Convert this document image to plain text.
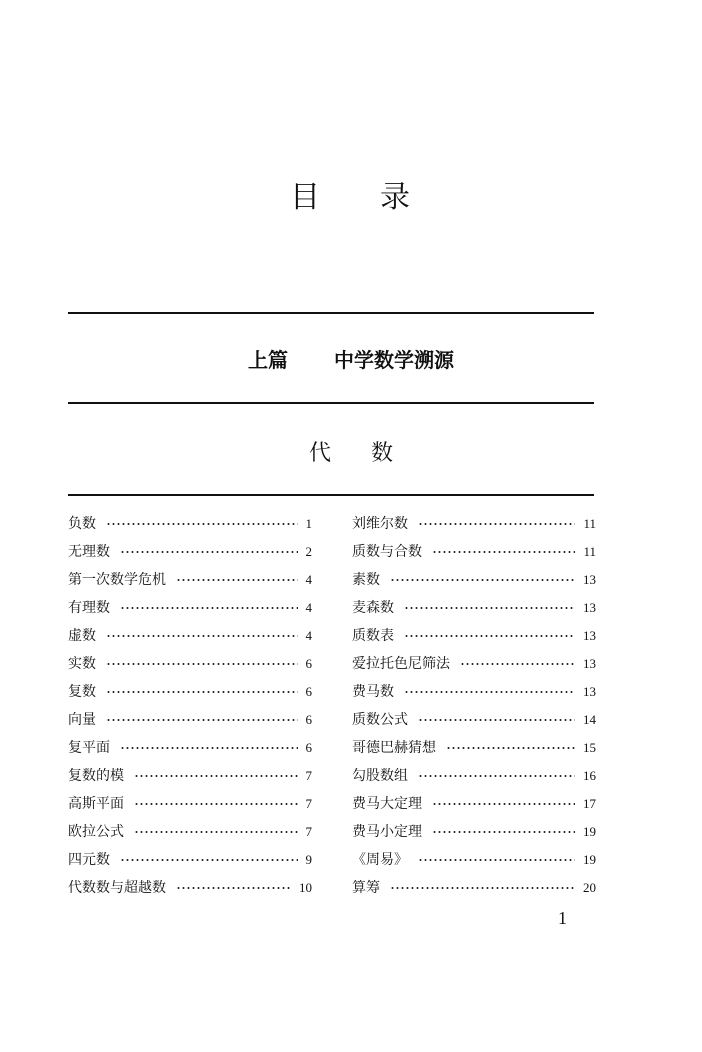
目 录
上篇 中学数学溯源
代 数
负数	1
无理数	2
第一次数学危机	4
有理数	4
虚数	4
实数	6
复数	6
向量	6
复平面	6
复数的模	7
高斯平面	7
欧拉公式	7
四元数	9
代数数与超越数	10
刘维尔数	11
质数与合数	11
素数	13
麦森数	13
质数表	13
爱拉托色尼筛法	13
费马数	13
质数公式	14
哥德巴赫猜想	15
勾股数组	16
费马大定理	17
费马小定理	19
《周易》	19
算筹	20
1
